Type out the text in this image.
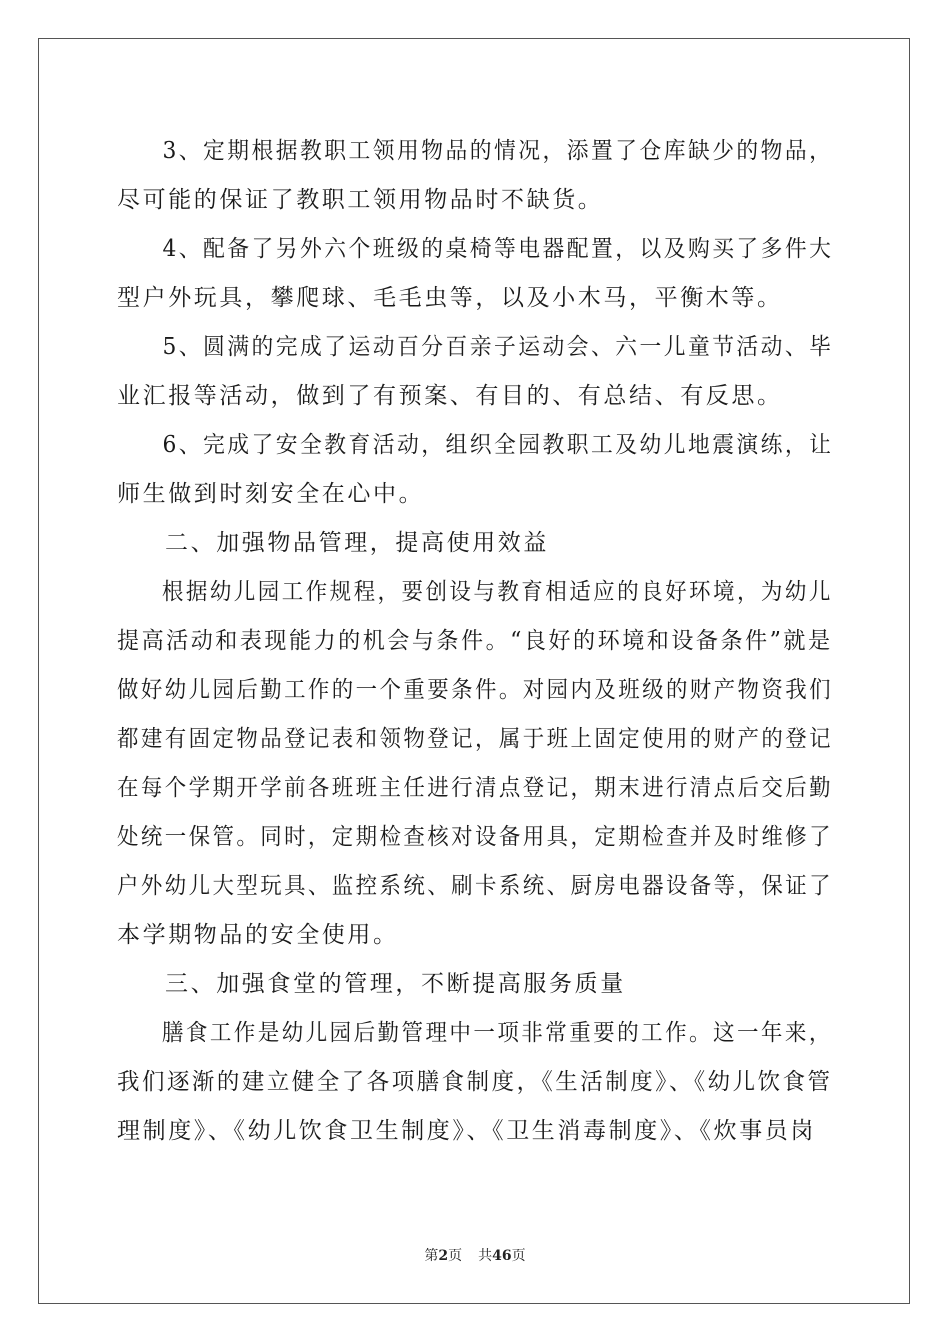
3、定期根据教职工领用物品的情况，添置了仓库缺少的物品，
尽可能的保证了教职工领用物品时不缺货。

4、配备了另外六个班级的桌椅等电器配置，以及购买了多件大
型户外玩具，攀爬球、毛毛虫等，以及小木马，平衡木等。

5、圆满的完成了运动百分百亲子运动会、六一儿童节活动、毕
业汇报等活动，做到了有预案、有目的、有总结、有反思。

6、完成了安全教育活动，组织全园教职工及幼儿地震演练，让
师生做到时刻安全在心中。

二、加强物品管理，提高使用效益

根据幼儿园工作规程，要创设与教育相适应的良好环境，为幼儿
提高活动和表现能力的机会与条件。“良好的环境和设备条件”就是
做好幼儿园后勤工作的一个重要条件。对园内及班级的财产物资我们
都建有固定物品登记表和领物登记，属于班上固定使用的财产的登记
在每个学期开学前各班班主任进行清点登记，期末进行清点后交后勤
处统一保管。同时，定期检查核对设备用具，定期检查并及时维修了
户外幼儿大型玩具、监控系统、刷卡系统、厨房电器设备等，保证了
本学期物品的安全使用。

三、加强食堂的管理，不断提高服务质量

膳食工作是幼儿园后勤管理中一项非常重要的工作。这一年来，
我们逐渐的建立健全了各项膳食制度，《生活制度》、《幼儿饮食管
理制度》、《幼儿饮食卫生制度》、《卫生消毒制度》、《炊事员岗

第2页 共46页
